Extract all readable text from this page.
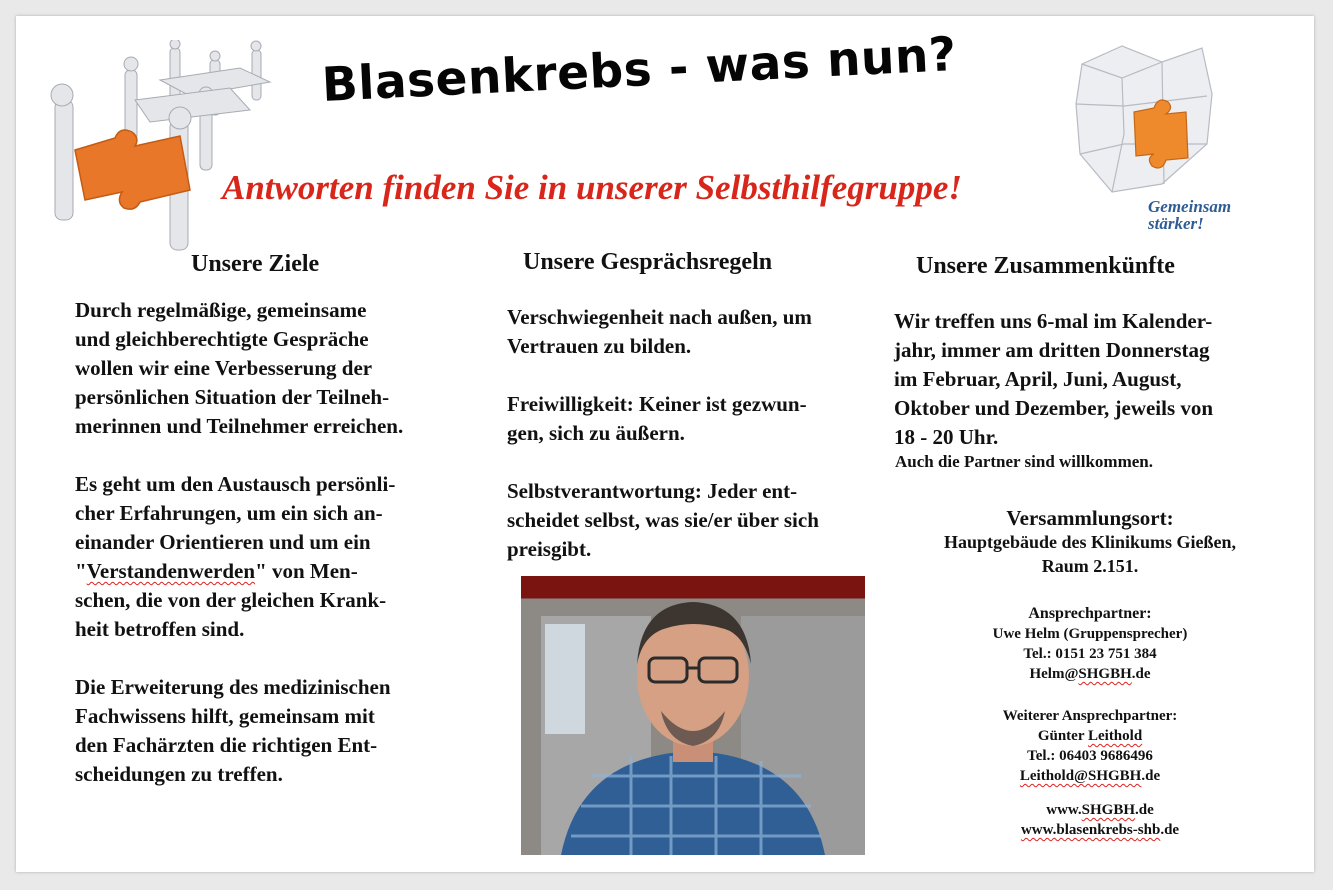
Blasenkrebs - was nun?
Antworten finden Sie in unserer Selbsthilfegruppe!	Gemeinsam
stärker!
Unsere Ziele
Durch regelmäßige, gemeinsame
und gleichberechtigte Gespräche
wollen wir eine Verbesserung der
persönlichen Situation der Teilneh-
merinnen und Teilnehmer erreichen.
Es geht um den Austausch persönli-
cher Erfahrungen, um ein sich an-
einander Orientieren und um ein
"Verstandenwerden" von Men-
schen, die von der gleichen Krank-
heit betroffen sind.
Die Erweiterung des medizinischen
Fachwissens hilft, gemeinsam mit
den Fachärzten die richtigen Ent-
scheidungen zu treffen.
Unsere Gesprächsregeln
Verschwiegenheit nach außen, um
Vertrauen zu bilden.
Freiwilligkeit: Keiner ist gezwun-
gen, sich zu äußern.
Selbstverantwortung: Jeder ent-
scheidet selbst, was sie/er über sich
preisgibt.
Unsere Zusammenkünfte
Wir treffen uns 6-mal im Kalender-
jahr, immer am dritten Donnerstag
im Februar, April, Juni, August,
Oktober und Dezember, jeweils von
18 - 20 Uhr.
Auch die Partner sind willkommen.
Versammlungsort:
Hauptgebäude des Klinikums Gießen,
Raum 2.151.
Ansprechpartner:
Uwe Helm (Gruppensprecher)
Tel.: 0151 23 751 384
Helm@SHGBH.de
Weiterer Ansprechpartner:
Günter Leithold
Tel.: 06403 9686496
Leithold@SHGBH.de
www.SHGBH.de
www.blasenkrebs-shb.de
